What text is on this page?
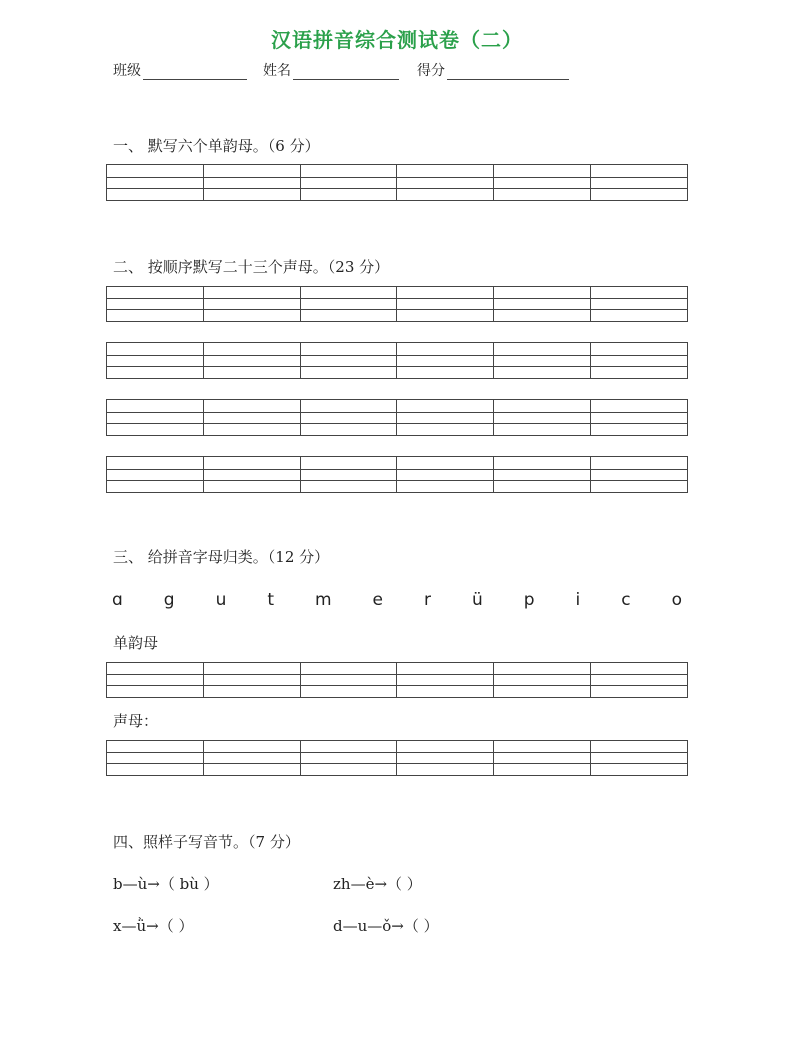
汉语拼音综合测试卷（二）
班级	姓名	得分
一、 默写六个单韵母。（6 分）
二、 按顺序默写二十三个声母。（23 分）
三、 给拼音字母归类。（12 分）
ɑ g u t m e r ü p i c o
单韵母
声母：
四、照样子写音节。（7 分）
b—ù→（ bù ）	zh—è→（ ）
x—ǜ→（ ）	d—u—ǒ→（ ）
